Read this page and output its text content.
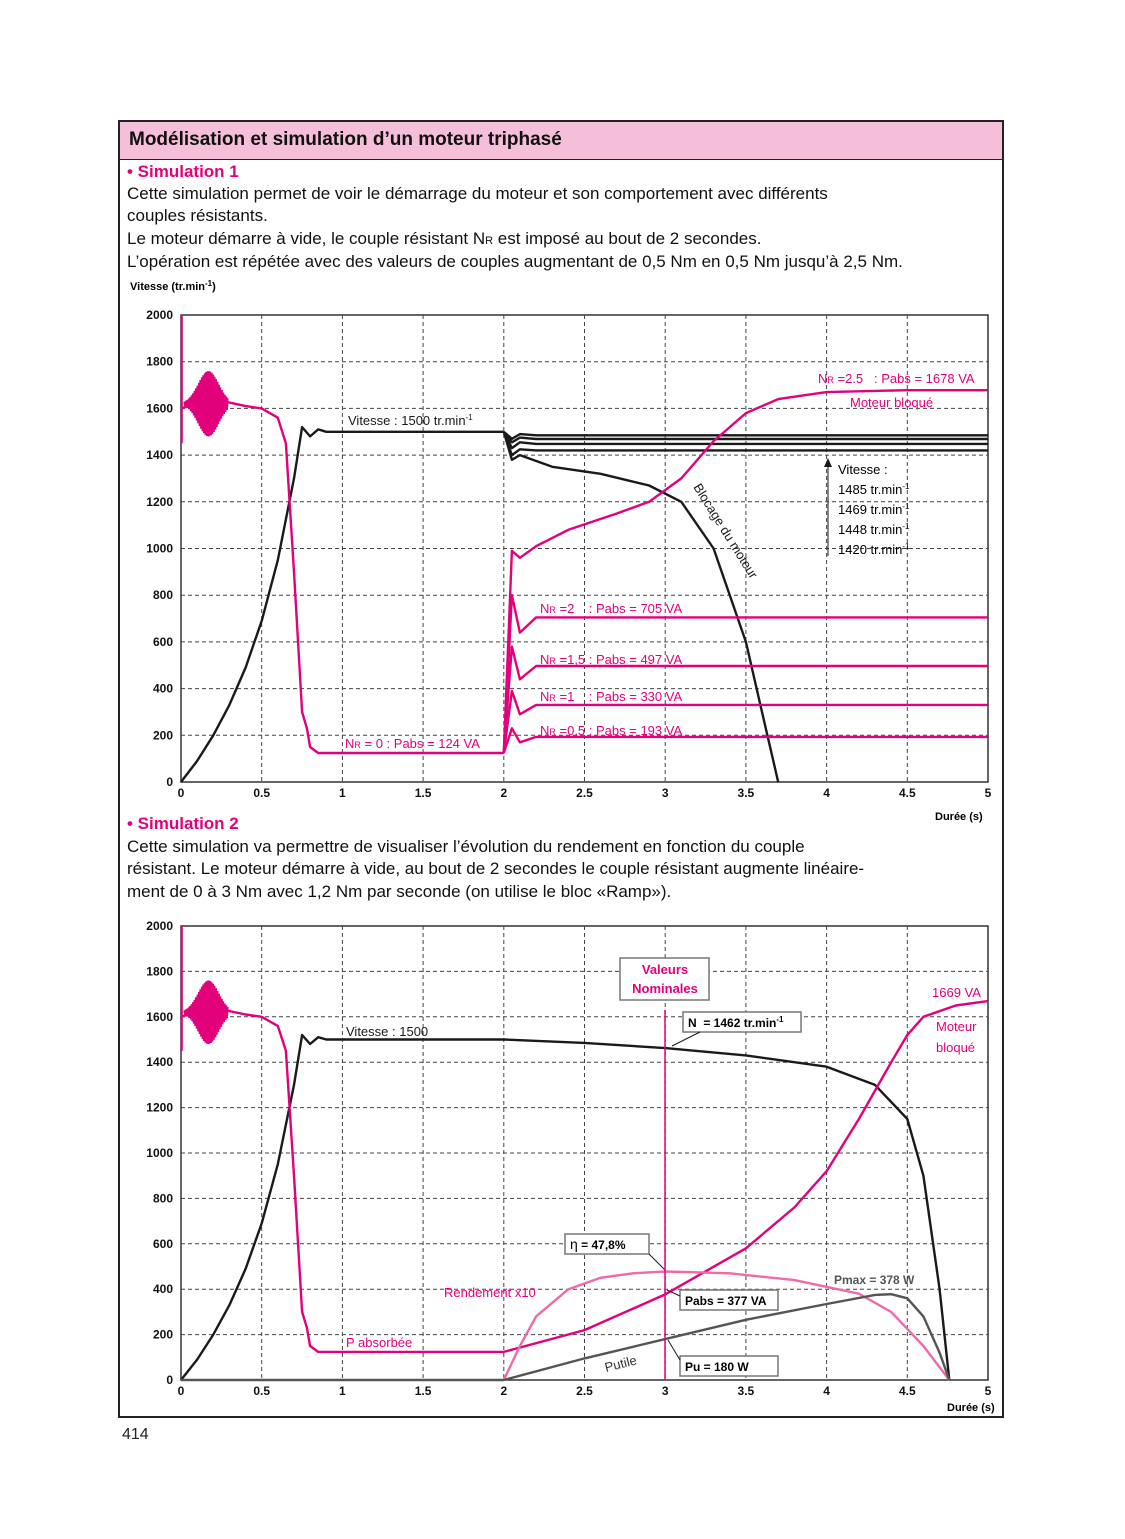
Modélisation et simulation d’un moteur triphasé
• Simulation 1
Cette simulation permet de voir le démarrage du moteur et son comportement avec différents
couples résistants.
Le moteur démarre à vide, le couple résistant NR est imposé au bout de 2 secondes.
L’opération est répétée avec des valeurs de couples augmentant de 0,5 Nm en 0,5 Nm jusqu’à 2,5 Nm.
• Simulation 2
Cette simulation va permettre de visualiser l’évolution du rendement en fonction du couple
résistant. Le moteur démarre à vide, au bout de 2 secondes le couple résistant augmente linéaire-
ment de 0 à 3 Nm avec 1,2 Nm par seconde (on utilise le bloc «Ramp»).
414
0	0.5	1	1.5	2	2.5	3	3.5	4	4.5	5
0
200
400
600
800
1000
1200
1400
1600
1800
2000
Vitesse $(tr.\min^{-1})$
Durée (s)
Vitesse : 1500 $tr.\min^{-1}$
NR = 0 : Pabs = 124 VA
NR =0,5 : Pabs = 193 VA
NR =1    : Pabs = 330 VA
NR =1,5 : Pabs = 497 VA
NR =2    : Pabs = 705 VA
NR =2.5   : Pabs = 1678 VA
Moteur bloqué
Blocage du moteur
Vitesse :
1485 $tr.\min^{-1}$
1469 $tr.\min^{-1}$
1448 $tr.\min^{-1}$
1420 $tr.\min^{-1}$
0	0.5	1	1.5	2	2.5	3	3.5	4	4.5	5
0
200
400
600
800
1000
1200
1400
1600
1800
2000
Durée (s)
Vitesse : 1500
Valeurs
Nominales
N  = 1462 $tr.\min^{-1}$
1669 VA
Moteur
bloqué
η = 47,8%
Rendement x10
Pmax = 378 W
Pabs = 377 VA
P absorbée
Putile	Pu = 180 W
